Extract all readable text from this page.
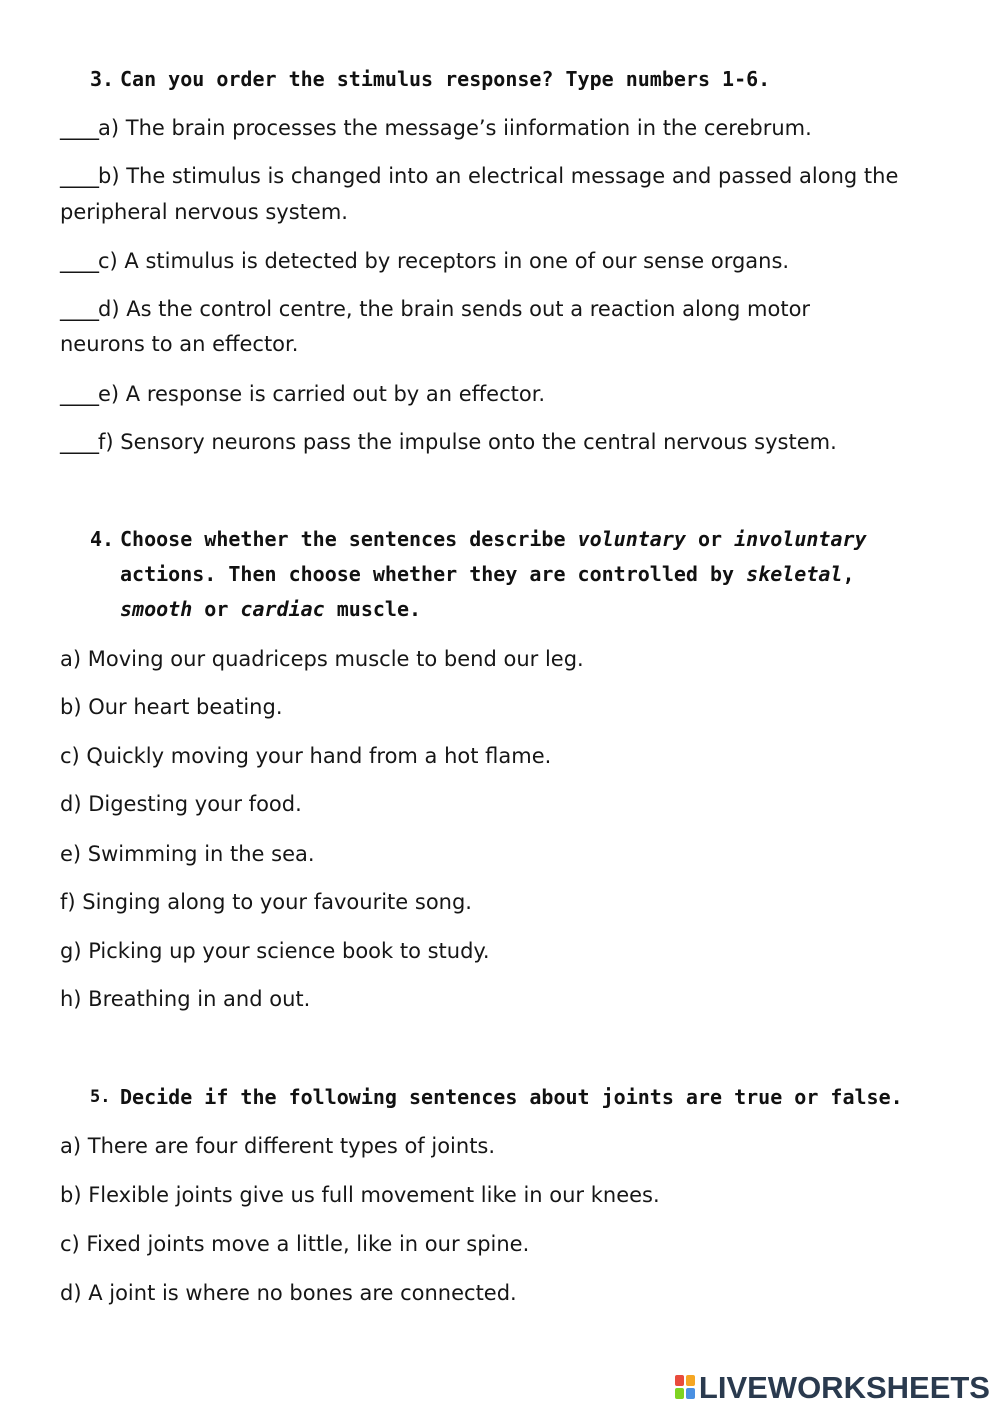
3. Can you order the stimulus response? Type numbers 1-6.
____a) The brain processes the message’s iinformation in the cerebrum.
____b) The stimulus is changed into an electrical message and passed along the
peripheral nervous system.
____c) A stimulus is detected by receptors in one of our sense organs.
____d) As the control centre, the brain sends out a reaction along motor
neurons to an effector.
____e) A response is carried out by an effector.
____f) Sensory neurons pass the impulse onto the central nervous system.
4. Choose whether the sentences describe voluntary or involuntary actions. Then choose whether they are controlled by skeletal, smooth or cardiac muscle.
a) Moving our quadriceps muscle to bend our leg.
b) Our heart beating.
c) Quickly moving your hand from a hot flame.
d) Digesting your food.
e) Swimming in the sea.
f) Singing along to your favourite song.
g) Picking up your science book to study.
h) Breathing in and out.
5. Decide if the following sentences about joints are true or false.
a) There are four different types of joints.
b) Flexible joints give us full movement like in our knees.
c) Fixed joints move a little, like in our spine.
d) A joint is where no bones are connected.
LIVEWORKSHEETS
